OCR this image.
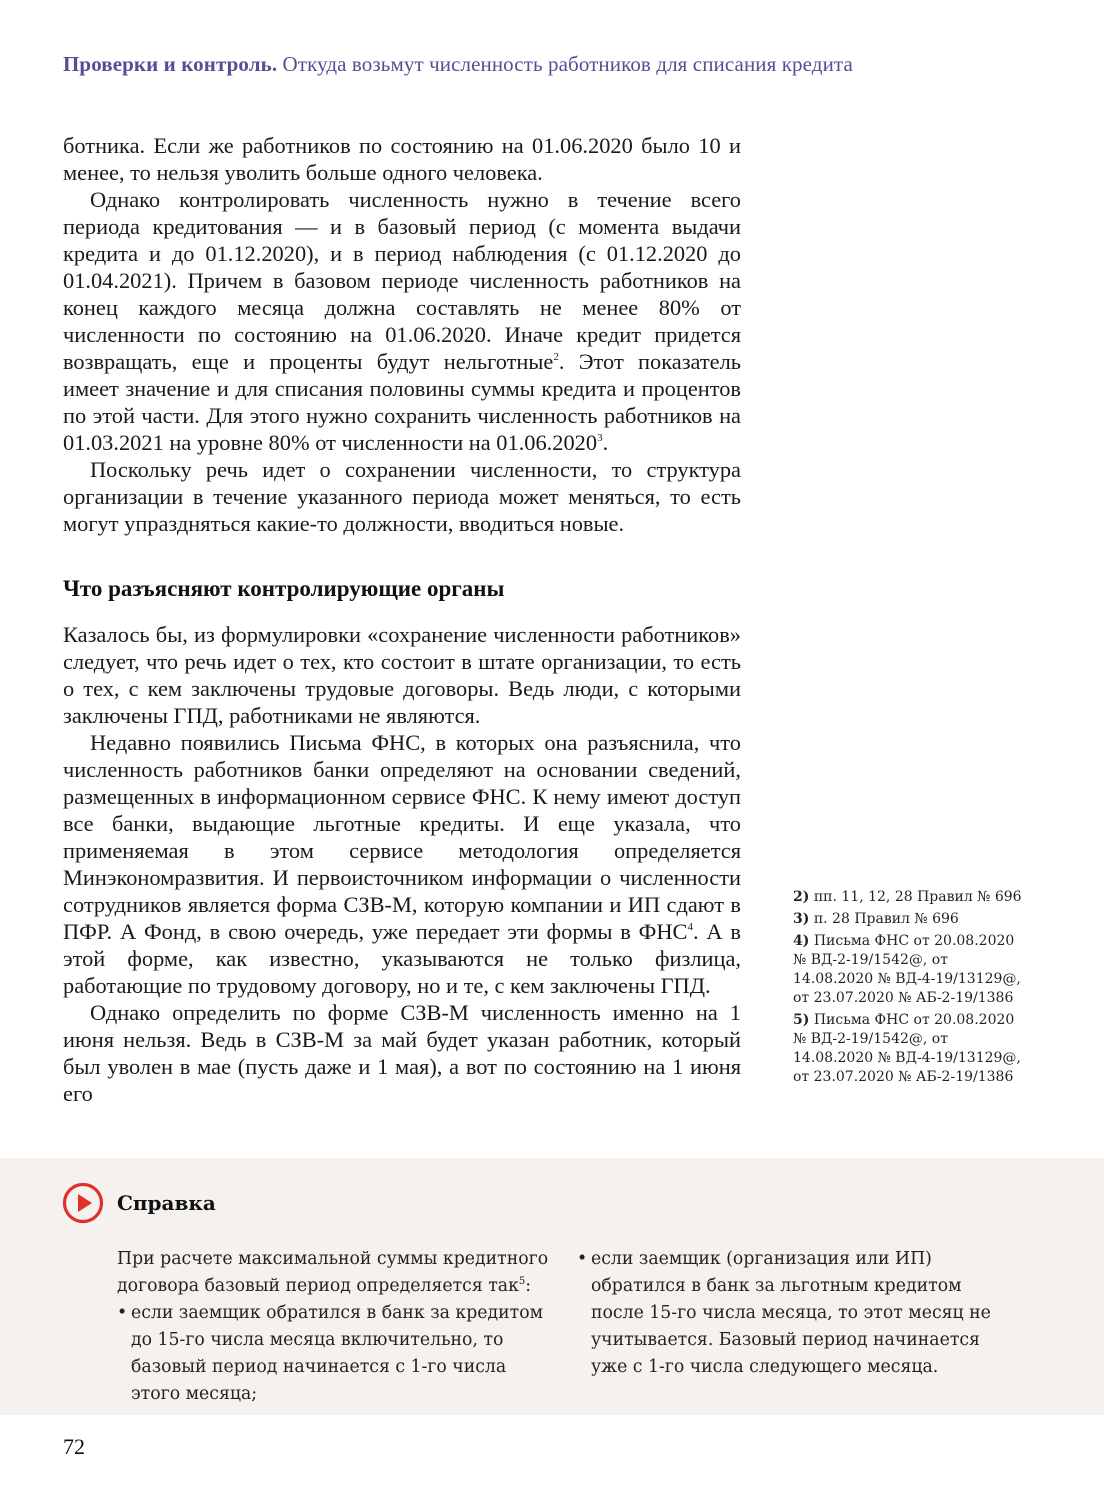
Проверки и контроль. Откуда возьмут численность работников для списания кредита

ботника. Если же работников по состоянию на 01.06.2020 было 10 и менее, то нельзя уволить больше одного человека.

Однако контролировать численность нужно в течение всего периода кредитования — и в базовый период (с момента выдачи кредита и до 01.12.2020), и в период наблюдения (с 01.12.2020 до 01.04.2021). Причем в базовом периоде численность работников на конец каждого месяца должна составлять не менее 80% от численности по состоянию на 01.06.2020. Иначе кредит придется возвращать, еще и проценты будут нельготные$^2$. Этот показатель имеет значение и для списания половины суммы кредита и процентов по этой части. Для этого нужно сохранить численность работников на 01.03.2021 на уровне 80% от численности на 01.06.2020$^3$.

Поскольку речь идет о сохранении численности, то структура организации в течение указанного периода может меняться, то есть могут упраздняться какие-то должности, вводиться новые.

Что разъясняют контролирующие органы

Казалось бы, из формулировки «сохранение численности работников» следует, что речь идет о тех, кто состоит в штате организации, то есть о тех, с кем заключены трудовые договоры. Ведь люди, с которыми заключены ГПД, работниками не являются.

Недавно появились Письма ФНС, в которых она разъяснила, что численность работников банки определяют на основании сведений, размещенных в информационном сервисе ФНС. К нему имеют доступ все банки, выдающие льготные кредиты. И еще указала, что применяемая в этом сервисе методология определяется Минэкономразвития. И первоисточником информации о численности сотрудников является форма СЗВ-М, которую компании и ИП сдают в ПФР. А Фонд, в свою очередь, уже передает эти формы в ФНС$^4$. А в этой форме, как известно, указываются не только физлица, работающие по трудовому договору, но и те, с кем заключены ГПД.

Однако определить по форме СЗВ-М численность именно на 1 июня нельзя. Ведь в СЗВ-М за май будет указан работник, который был уволен в мае (пусть даже и 1 мая), а вот по состоянию на 1 июня его

2) пп. 11, 12, 28 Правил № 696
3) п. 28 Правил № 696
4) Письма ФНС от 20.08.2020 № ВД-2-19/1542@, от 14.08.2020 № ВД-4-19/13129@, от 23.07.2020 № АБ-2-19/1386
5) Письма ФНС от 20.08.2020 № ВД-2-19/1542@, от 14.08.2020 № ВД-4-19/13129@, от 23.07.2020 № АБ-2-19/1386
Справка

При расчете максимальной суммы кредитного договора базовый период определяется так$^5$:

• если заемщик обратился в банк за кредитом до 15-го числа месяца включительно, то базовый период начинается с 1-го числа этого месяца;
• если заемщик (организация или ИП) обратился в банк за льготным кредитом после 15-го числа месяца, то этот месяц не учитывается. Базовый период начинается уже с 1-го числа следующего месяца.
72
